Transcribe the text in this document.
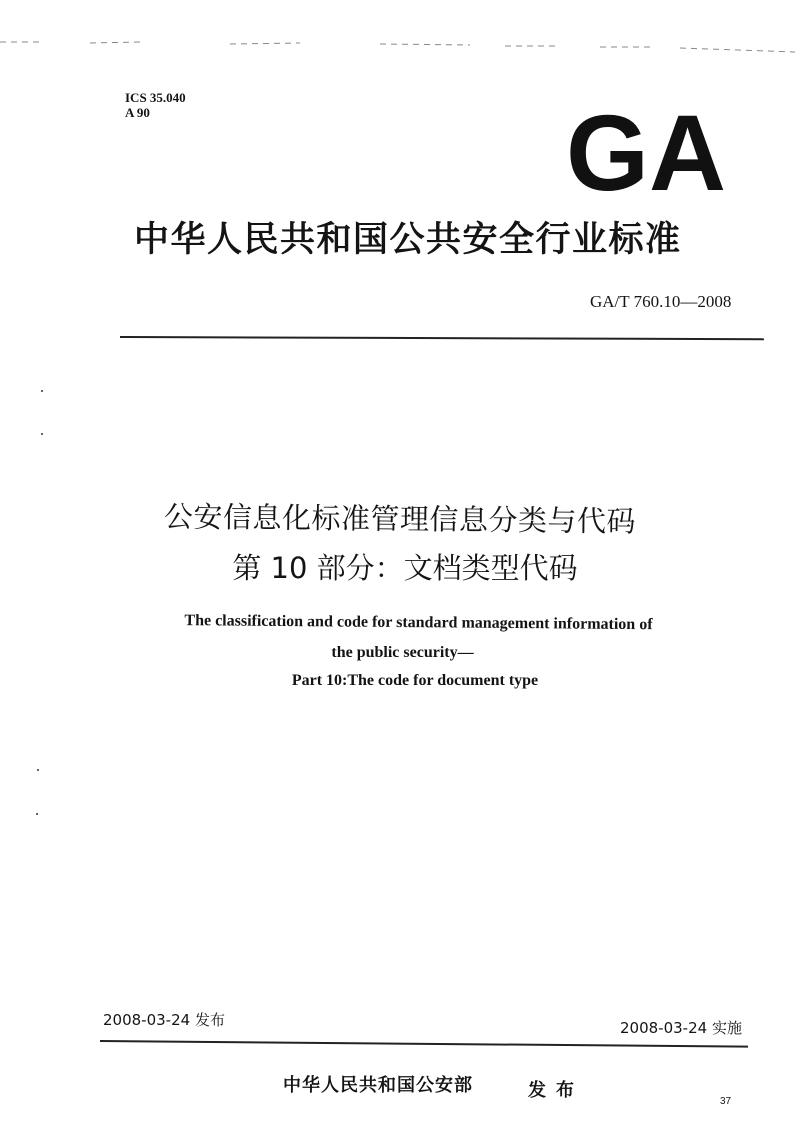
ICS 35.040
A 90	GA
中华人民共和国公共安全行业标准
GA/T 760.10—2008
公安信息化标准管理信息分类与代码
第 10 部分：文档类型代码
The classification and code for standard management information of
the public security—
Part 10:The code for document type
2008-03-24 发布	2008-03-24 实施
中华人民共和国公安部	发布
37
